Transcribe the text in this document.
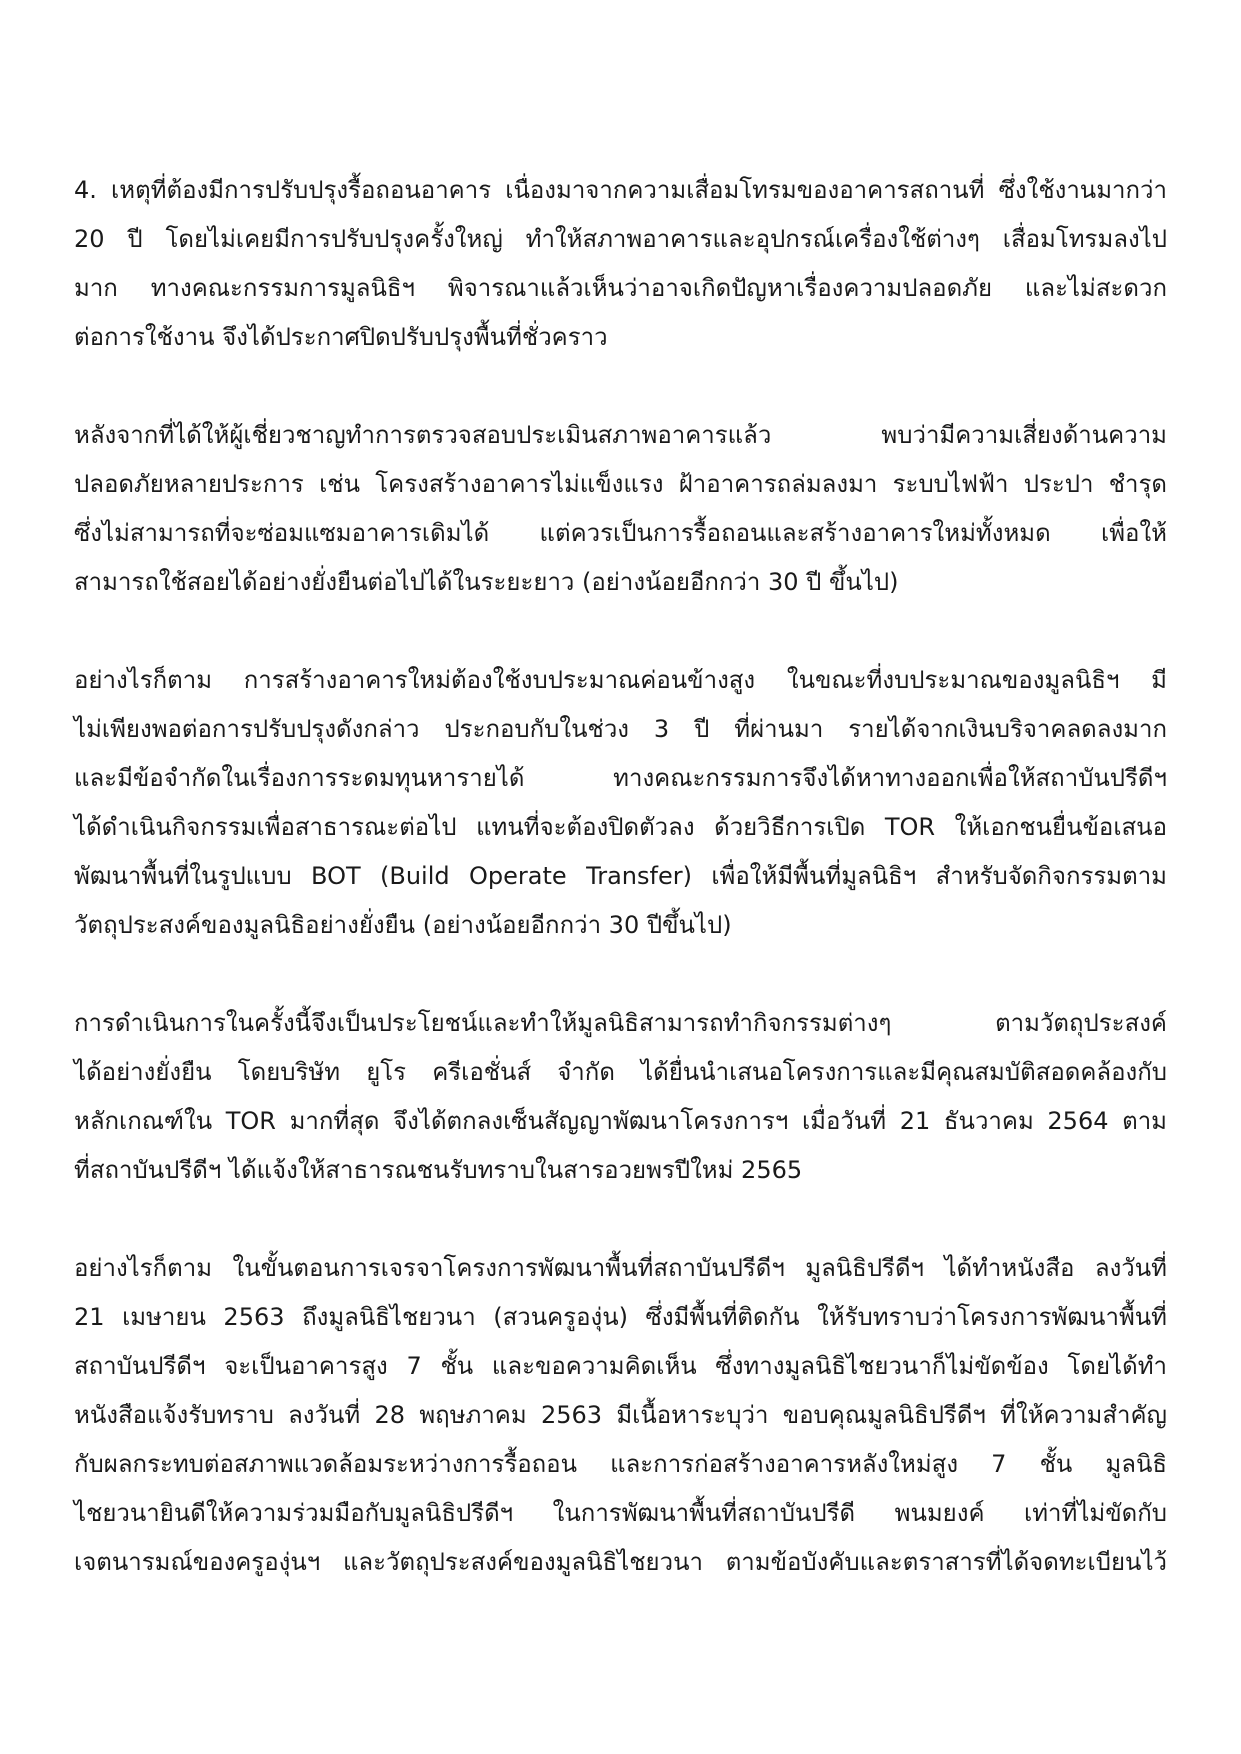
4. เหตุที่ต้องมีการปรับปรุงรื้อถอนอาคาร เนื่องมาจากความเสื่อมโทรมของอาคารสถานที่ ซึ่งใช้งานมากว่า
20 ปี โดยไม่เคยมีการปรับปรุงครั้งใหญ่ ทำให้สภาพอาคารและอุปกรณ์เครื่องใช้ต่างๆ เสื่อมโทรมลงไป
มาก ทางคณะกรรมการมูลนิธิฯ พิจารณาแล้วเห็นว่าอาจเกิดปัญหาเรื่องความปลอดภัย และไม่สะดวก
ต่อการใช้งาน จึงได้ประกาศปิดปรับปรุงพื้นที่ชั่วคราว
หลังจากที่ได้ให้ผู้เชี่ยวชาญทำการตรวจสอบประเมินสภาพอาคารแล้ว พบว่ามีความเสี่ยงด้านความ
ปลอดภัยหลายประการ เช่น โครงสร้างอาคารไม่แข็งแรง ฝ้าอาคารถล่มลงมา ระบบไฟฟ้า ประปา ชำรุด
ซึ่งไม่สามารถที่จะซ่อมแซมอาคารเดิมได้ แต่ควรเป็นการรื้อถอนและสร้างอาคารใหม่ทั้งหมด เพื่อให้
สามารถใช้สอยได้อย่างยั่งยืนต่อไปได้ในระยะยาว (อย่างน้อยอีกกว่า 30 ปี ขึ้นไป)
อย่างไรก็ตาม การสร้างอาคารใหม่ต้องใช้งบประมาณค่อนข้างสูง ในขณะที่งบประมาณของมูลนิธิฯ มี
ไม่เพียงพอต่อการปรับปรุงดังกล่าว ประกอบกับในช่วง 3 ปี ที่ผ่านมา รายได้จากเงินบริจาคลดลงมาก
และมีข้อจำกัดในเรื่องการระดมทุนหารายได้ ทางคณะกรรมการจึงได้หาทางออกเพื่อให้สถาบันปรีดีฯ
ได้ดำเนินกิจกรรมเพื่อสาธารณะต่อไป แทนที่จะต้องปิดตัวลง ด้วยวิธีการเปิด TOR ให้เอกชนยื่นข้อเสนอ
พัฒนาพื้นที่ในรูปแบบ BOT (Build Operate Transfer) เพื่อให้มีพื้นที่มูลนิธิฯ สำหรับจัดกิจกรรมตาม
วัตถุประสงค์ของมูลนิธิอย่างยั่งยืน (อย่างน้อยอีกกว่า 30 ปีขึ้นไป)
การดำเนินการในครั้งนี้จึงเป็นประโยชน์และทำให้มูลนิธิสามารถทำกิจกรรมต่างๆ ตามวัตถุประสงค์
ได้อย่างยั่งยืน โดยบริษัท ยูโร ครีเอชั่นส์ จำกัด ได้ยื่นนำเสนอโครงการและมีคุณสมบัติสอดคล้องกับ
หลักเกณฑ์ใน TOR มากที่สุด จึงได้ตกลงเซ็นสัญญาพัฒนาโครงการฯ เมื่อวันที่ 21 ธันวาคม 2564 ตาม
ที่สถาบันปรีดีฯ ได้แจ้งให้สาธารณชนรับทราบในสารอวยพรปีใหม่ 2565
อย่างไรก็ตาม ในขั้นตอนการเจรจาโครงการพัฒนาพื้นที่สถาบันปรีดีฯ มูลนิธิปรีดีฯ ได้ทำหนังสือ ลงวันที่
21 เมษายน 2563 ถึงมูลนิธิไชยวนา (สวนครูองุ่น) ซึ่งมีพื้นที่ติดกัน ให้รับทราบว่าโครงการพัฒนาพื้นที่
สถาบันปรีดีฯ จะเป็นอาคารสูง 7 ชั้น และขอความคิดเห็น ซึ่งทางมูลนิธิไชยวนาก็ไม่ขัดข้อง โดยได้ทำ
หนังสือแจ้งรับทราบ ลงวันที่ 28 พฤษภาคม 2563 มีเนื้อหาระบุว่า ขอบคุณมูลนิธิปรีดีฯ ที่ให้ความสำคัญ
กับผลกระทบต่อสภาพแวดล้อมระหว่างการรื้อถอน และการก่อสร้างอาคารหลังใหม่สูง 7 ชั้น มูลนิธิ
ไชยวนายินดีให้ความร่วมมือกับมูลนิธิปรีดีฯ ในการพัฒนาพื้นที่สถาบันปรีดี พนมยงค์ เท่าที่ไม่ขัดกับ
เจตนารมณ์ของครูองุ่นฯ และวัตถุประสงค์ของมูลนิธิไชยวนา ตามข้อบังคับและตราสารที่ได้จดทะเบียนไว้
